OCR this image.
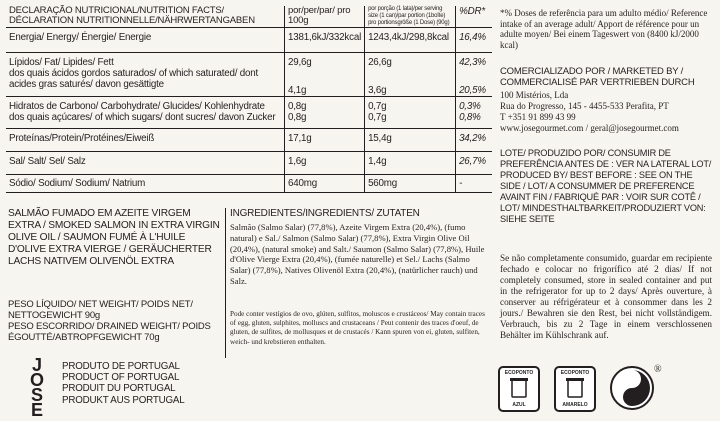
DECLARAÇÃO NUTRICIONAL/NUTRITION FACTS/ DÉCLARATION NUTRITIONNELLE/NÄHRWERTANGABEN	por/per/par/ pro 100g	por porção (1 lata)/per serving size (1 can)/par portion (1boîte) pro portionsgröße (1 Dose) (90g)	%DR*
Energia/ Energy/ Énergie/ Energie	1381,6kJ/332kcal	1243,4kJ/298,8kcal	16,4%
Lípidos/ Fat/ Lipides/ Fett	29,6g	26,6g	42,3%
dos quais ácidos gordos saturados/ of which saturated/ dont acides gras saturés/ davon gesättigte	4,1g	3,6g	20,5%
Hidratos de Carbono/ Carbohydrate/ Glucides/ Kohlenhydrate	0,8g	0,7g	0,3%
dos quais açúcares/ of which sugars/ dont sucres/ davon Zucker	0,8g	0,7g	0,8%
Proteínas/Protein/Protéines/Eiweiß	17,1g	15,4g	34,2%
Sal/ Salt/ Sel/ Salz	1,6g	1,4g	26,7%
Sódio/ Sodium/ Sodium/ Natrium	640mg	560mg	-
*% Doses de referência para um adulto médio/ Reference intake of an average adult/ Apport de référence pour un adulte moyen/ Bei einem Tageswert von (8400 kJ/2000 kcal)
COMERCIALIZADO POR / MARKETED BY / COMMERCIALISÉ PAR VERTRIEBEN DURCH
100 Mistérios, Lda
Rua do Progresso, 145 - 4455-533 Perafita, PT
T +351 91 899 43 99
www.josegourmet.com / geral@josegourmet.com
LOTE/ PRODUZIDO POR/ CONSUMIR DE PREFERÊNCIA ANTES DE : VER NA LATERAL LOT/ PRODUCED BY/ BEST BEFORE : SEE ON THE SIDE / LOT/ A CONSUMMER DE PREFERENCE AVAINT FIN / FABRIQUÉ PAR : VOIR SUR COTÊ / LOT/ MINDESTHALTBARKEIT/PRODUZIERT VON: SIEHE SEITE
Se não completamente consumido, guardar em recipiente fechado e colocar no frigorífico até 2 dias/ If not completely consumed, store in sealed container and put in the refrigerator for up to 2 days/ Après ouverture, à conserver au réfrigérateur et à consommer dans les 2 jours./ Bewahren sie den Rest, bei nicht vollständigem. Verbrauch, bis zu 2 Tage in einem verschlossenen Behälter im Kühlschrank auf.
SALMÃO FUMADO EM AZEITE VIRGEM EXTRA / SMOKED SALMON IN EXTRA VIRGIN OLIVE OIL / SAUMON FUMÉ À L'HUILE D'OLIVE EXTRA VIERGE / GERÄUCHERTER LACHS NATIVEM OLIVENÖL EXTRA
PESO LÍQUIDO/ NET WEIGHT/ POIDS NET/ NETTOGEWICHT 90g
PESO ESCORRIDO/ DRAINED WEIGHT/ POIDS ÉGOUTTÉ/ABTROPFGEWICHT 70g
INGREDIENTES/INGREDIENTS/ ZUTATEN
Salmão (Salmo Salar) (77,8%), Azeite Virgem Extra (20,4%), (fumo natural) e Sal./ Salmon (Salmo Salar) (77,8%), Extra Virgin Olive Oil (20,4%), (natural smoke) and Salt./ Saumon (Salmo Salar) (77,8%), Huile d'Olive Vierge Extra (20,4%), (fumée naturelle) et Sel./ Lachs (Salmo Salar) (77,8%), Natives Olivenöl Extra (20,4%), (natürlicher rauch) und Salz.
Pode conter vestígios de ovo, glúten, sulfitos, moluscos e crustáceos/ May contain traces of egg, gluten, sulphites, molluscs and crustaceans / Peut contenir des traces d'oeuf, de gluten, de sulfites, de mollusques et de crustacés / Kann spuren von ei, gluten, sulfiten, weich- und krebstieren enthalten.
J
O
S
E
PRODUTO DE PORTUGAL
PRODUCT OF PORTUGAL
PRODUIT DU PORTUGAL
PRODUKT AUS PORTUGAL
ECOPONTO
AZUL
ECOPONTO
AMARELO
®
